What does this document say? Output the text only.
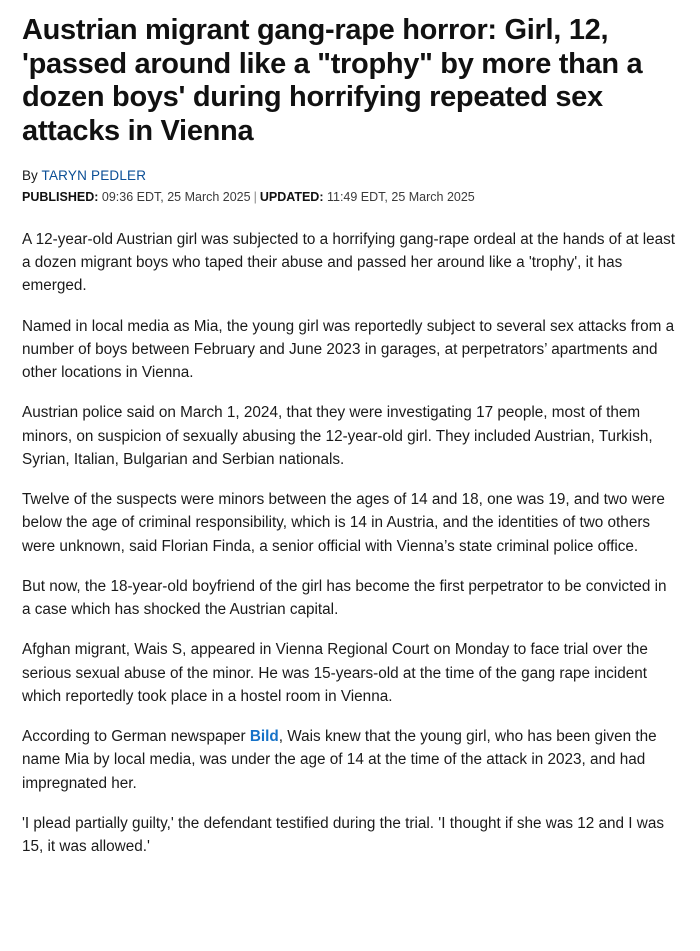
Austrian migrant gang-rape horror: Girl, 12, 'passed around like a "trophy" by more than a dozen boys' during horrifying repeated sex attacks in Vienna
By TARYN PEDLER
PUBLISHED: 09:36 EDT, 25 March 2025 | UPDATED: 11:49 EDT, 25 March 2025

A 12-year-old Austrian girl was subjected to a horrifying gang-rape ordeal at the hands of at least a dozen migrant boys who taped their abuse and passed her around like a 'trophy', it has emerged.

Named in local media as Mia, the young girl was reportedly subject to several sex attacks from a number of boys between February and June 2023 in garages, at perpetrators’ apartments and other locations in Vienna.

Austrian police said on March 1, 2024, that they were investigating 17 people, most of them minors, on suspicion of sexually abusing the 12-year-old girl. They included Austrian, Turkish, Syrian, Italian, Bulgarian and Serbian nationals.

Twelve of the suspects were minors between the ages of 14 and 18, one was 19, and two were below the age of criminal responsibility, which is 14 in Austria, and the identities of two others were unknown, said Florian Finda, a senior official with Vienna’s state criminal police office.

But now, the 18-year-old boyfriend of the girl has become the first perpetrator to be convicted in a case which has shocked the Austrian capital.

Afghan migrant, Wais S, appeared in Vienna Regional Court on Monday to face trial over the serious sexual abuse of the minor. He was 15-years-old at the time of the gang rape incident which reportedly took place in a hostel room in Vienna.

According to German newspaper Bild, Wais knew that the young girl, who has been given the name Mia by local media, was under the age of 14 at the time of the attack in 2023, and had impregnated her.

'I plead partially guilty,' the defendant testified during the trial. 'I thought if she was 12 and I was 15, it was allowed.'
